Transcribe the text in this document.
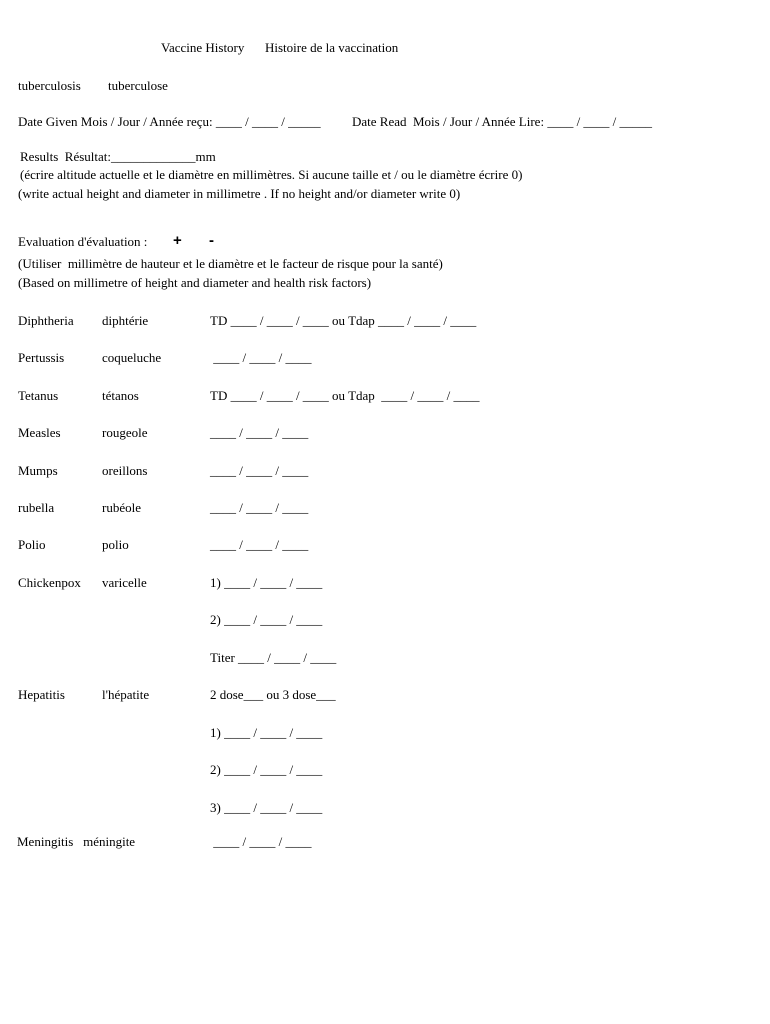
Vaccine History Histoire de la vaccination
tuberculosis tuberculose
Date Given Mois / Jour / Année reçu: ____ / ____ / _____ Date Read  Mois / Jour / Année Lire: ____ / ____ / _____
Results  Résultat:_____________mm
(écrire altitude actuelle et le diamètre en millimètres. Si aucune taille et / ou le diamètre écrire 0)
(write actual height and diameter in millimetre . If no height and/or diameter write 0)
Evaluation d'évaluation : + -
(Utiliser  millimètre de hauteur et le diamètre et le facteur de risque pour la santé)
(Based on millimetre of height and diameter and health risk factors)
Diphtheria diphtérie	TD ____ / ____ / ____ ou Tdap ____ / ____ / ____
Pertussis	coqueluche	____ / ____ / ____
Tetanus	tétanos	TD ____ / ____ / ____ ou Tdap  ____ / ____ / ____
Measles	rougeole	____ / ____ / ____
Mumps	oreillons	____ / ____ / ____
rubella	rubéole	____ / ____ / ____
Polio	polio	____ / ____ / ____
Chickenpox varicelle	1) ____ / ____ / ____
2) ____ / ____ / ____
Titer ____ / ____ / ____
Hepatitis	l'hépatite	2 dose___ ou 3 dose___
1) ____ / ____ / ____
2) ____ / ____ / ____
3) ____ / ____ / ____
Meningitis   méningite	____ / ____ / ____
